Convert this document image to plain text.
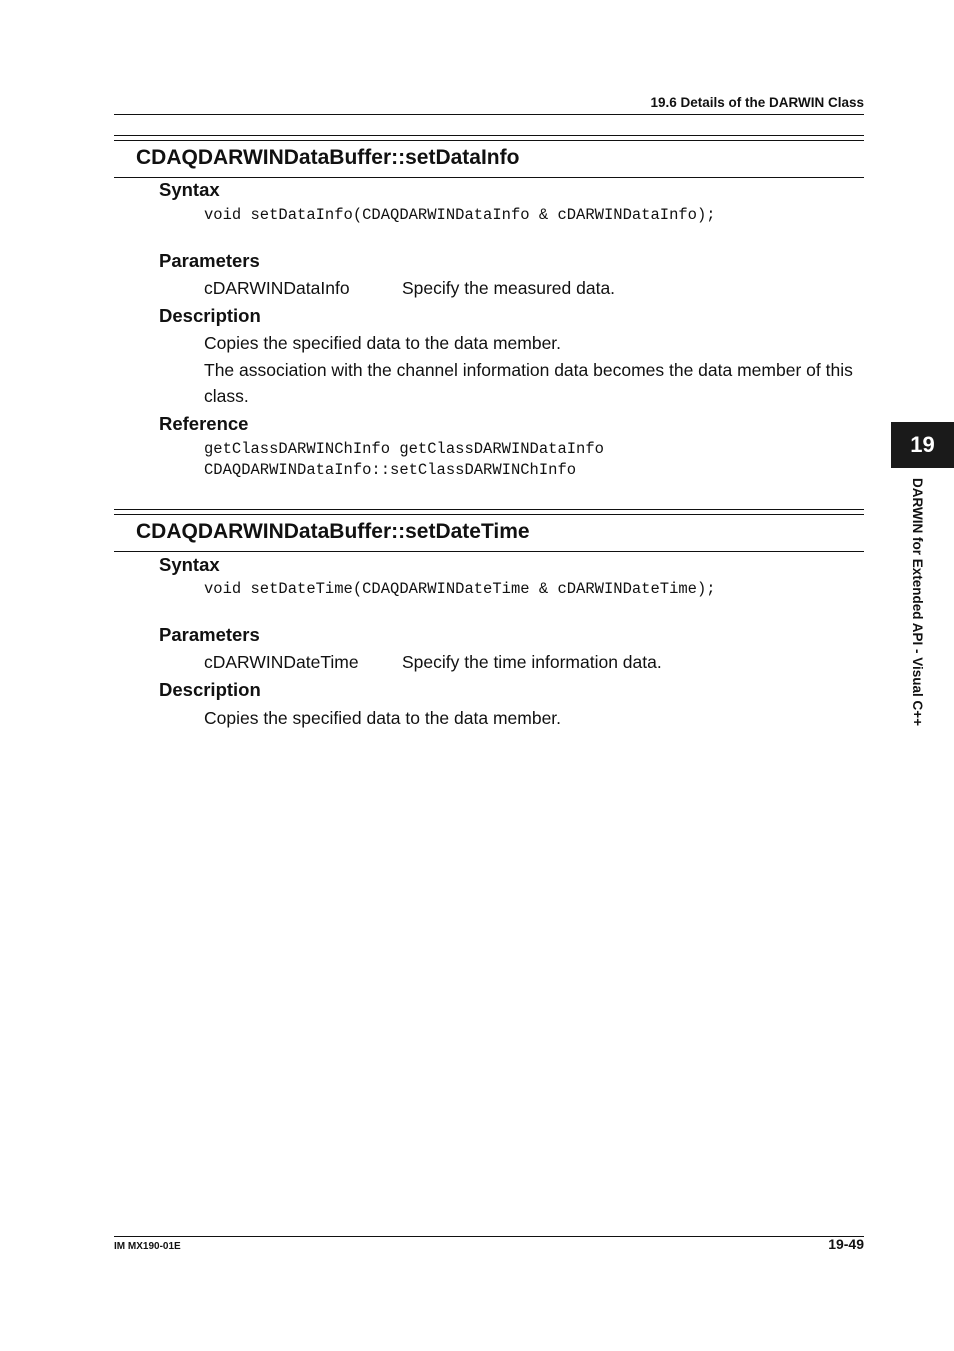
19.6 Details of the DARWIN Class
CDAQDARWINDataBuffer::setDataInfo
Syntax
void setDataInfo(CDAQDARWINDataInfo & cDARWINDataInfo);
Parameters
cDARWINDataInfo	Specify the measured data.
Description
Copies the specified data to the data member.
The association with the channel information data becomes the data member of this
class.
Reference
getClassDARWINChInfo getClassDARWINDataInfo
CDAQDARWINDataInfo::setClassDARWINChInfo
CDAQDARWINDataBuffer::setDateTime
Syntax
void setDateTime(CDAQDARWINDateTime & cDARWINDateTime);
Parameters
cDARWINDateTime Specify the time information data.
Description
Copies the specified data to the data member.
19
DARWIN for Extended API - Visual C++
IM MX190-01E	19-49
